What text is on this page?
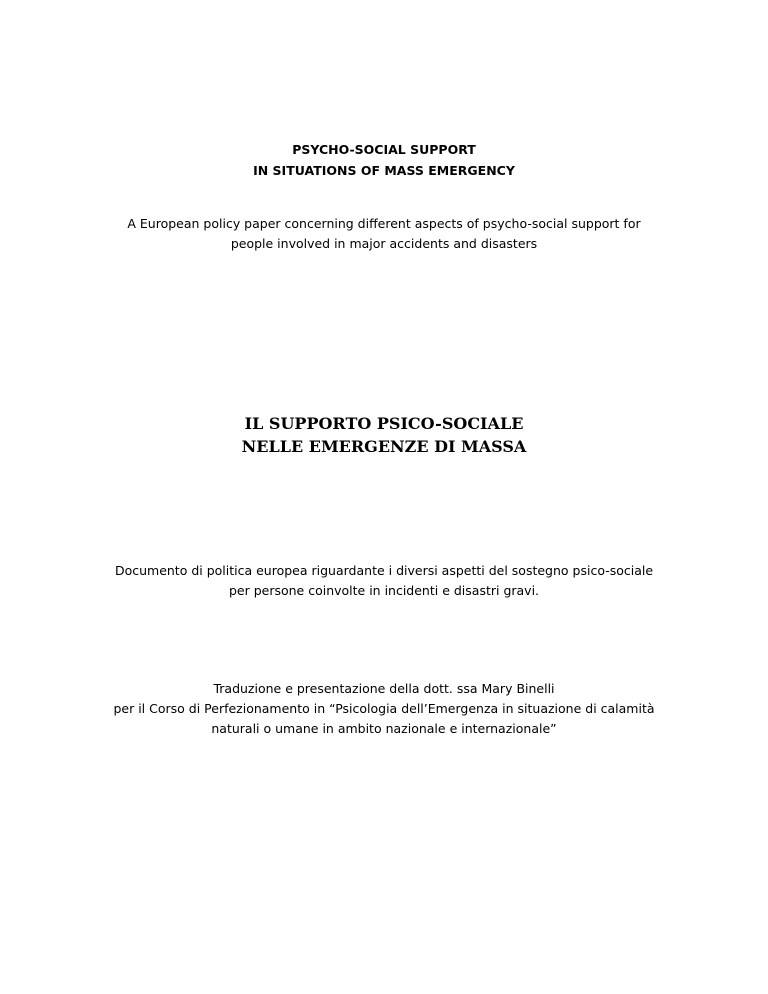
PSYCHO-SOCIAL SUPPORT
IN SITUATIONS OF MASS EMERGENCY

A European policy paper concerning different aspects of psycho-social support for
people involved in major accidents and disasters

IL SUPPORTO PSICO-SOCIALE
NELLE EMERGENZE DI MASSA

Documento di politica europea riguardante i diversi aspetti del sostegno psico-sociale
per persone coinvolte in incidenti e disastri gravi.

Traduzione e presentazione della dott. ssa Mary Binelli
per il Corso di Perfezionamento in “Psicologia dell’Emergenza in situazione di calamità
naturali o umane in ambito nazionale e internazionale”
